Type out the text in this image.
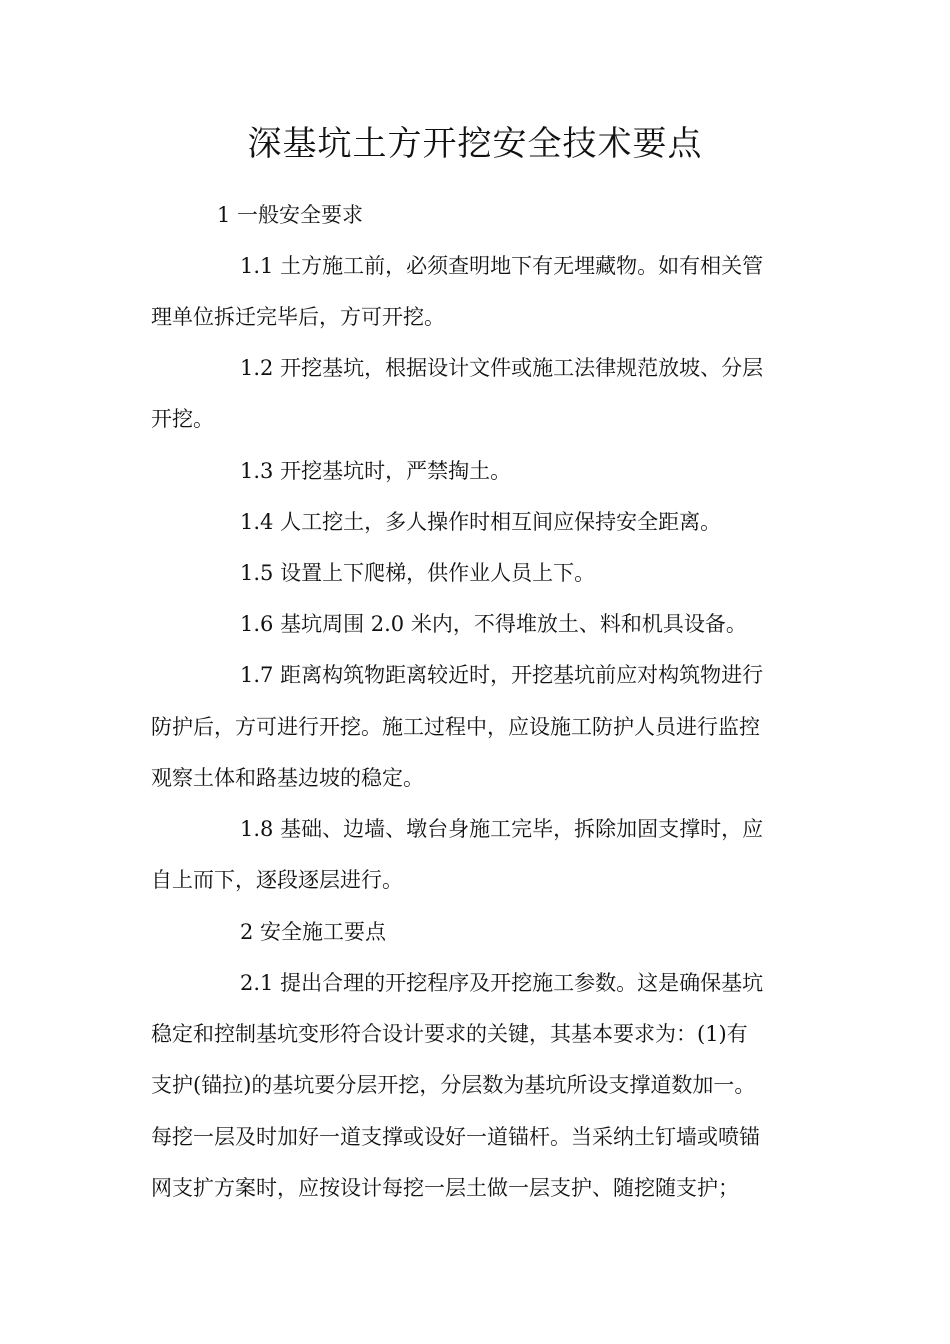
深基坑土方开挖安全技术要点
1 一般安全要求
1.1 土方施工前，必须查明地下有无埋藏物。如有相关管
理单位拆迁完毕后，方可开挖。
1.2 开挖基坑，根据设计文件或施工法律规范放坡、分层
开挖。
1.3 开挖基坑时，严禁掏土。
1.4 人工挖土，多人操作时相互间应保持安全距离。
1.5 设置上下爬梯，供作业人员上下。
1.6 基坑周围 2.0 米内，不得堆放土、料和机具设备。
1.7 距离构筑物距离较近时，开挖基坑前应对构筑物进行
防护后，方可进行开挖。施工过程中，应设施工防护人员进行监控
观察土体和路基边坡的稳定。
1.8 基础、边墙、墩台身施工完毕，拆除加固支撑时，应
自上而下，逐段逐层进行。
2 安全施工要点
2.1 提出合理的开挖程序及开挖施工参数。这是确保基坑
稳定和控制基坑变形符合设计要求的关键，其基本要求为：(1)有
支护(锚拉)的基坑要分层开挖，分层数为基坑所设支撑道数加一。
每挖一层及时加好一道支撑或设好一道锚杆。当采纳土钉墙或喷锚
网支扩方案时，应按设计每挖一层土做一层支护、随挖随支护；
